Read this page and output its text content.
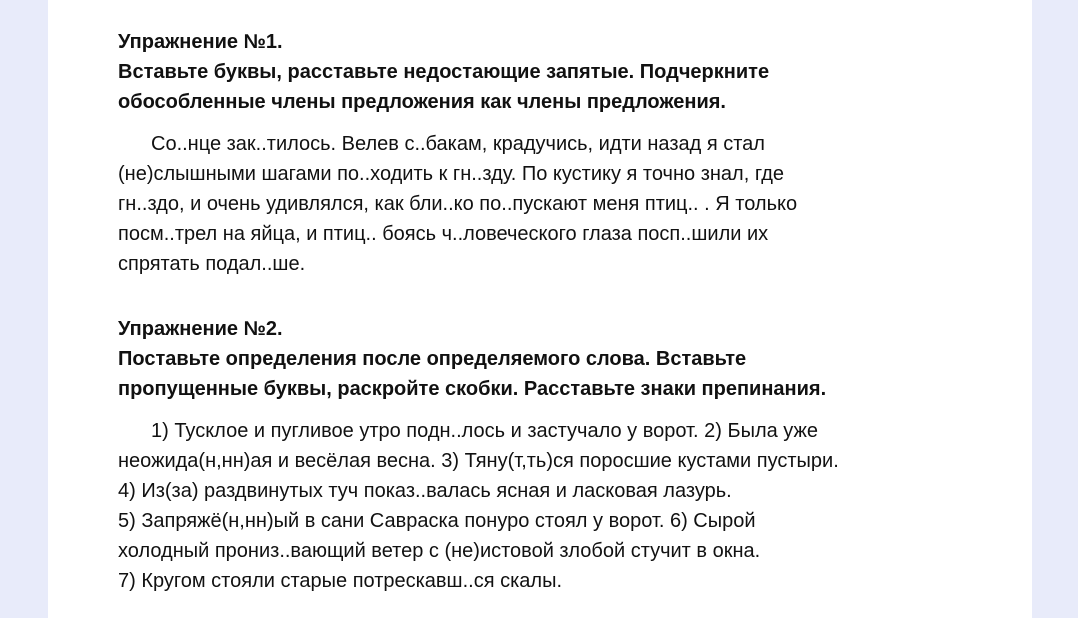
Упражнение №1.
Вставьте буквы, расставьте недостающие запятые. Подчеркните
обособленные члены предложения как члены предложения.
Со..нце зак..тилось. Велев с..бакам, крадучись, идти назад я стал
(не)слышными шагами по..ходить к гн..зду. По кустику я точно знал, где
гн..здо, и очень удивлялся, как бли..ко по..пускают меня птиц.. . Я только
посм..трел на яйца, и птиц.. боясь ч..ловеческого глаза посп..шили их
спрятать подал..ше.
Упражнение №2.
Поставьте определения после определяемого слова. Вставьте
пропущенные буквы, раскройте скобки. Расставьте знаки препинания.
1) Тусклое и пугливое утро подн..лось и застучало у ворот. 2) Была уже
неожида(н,нн)ая и весёлая весна. 3) Тяну(т,ть)ся поросшие кустами пустыри.
4) Из(за) раздвинутых туч показ..валась ясная и ласковая лазурь.
5) Запряжё(н,нн)ый в сани Савраска понуро стоял у ворот. 6) Сырой
холодный прониз..вающий ветер с (не)истовой злобой стучит в окна.
7) Кругом стояли старые потрескавш..ся скалы.
